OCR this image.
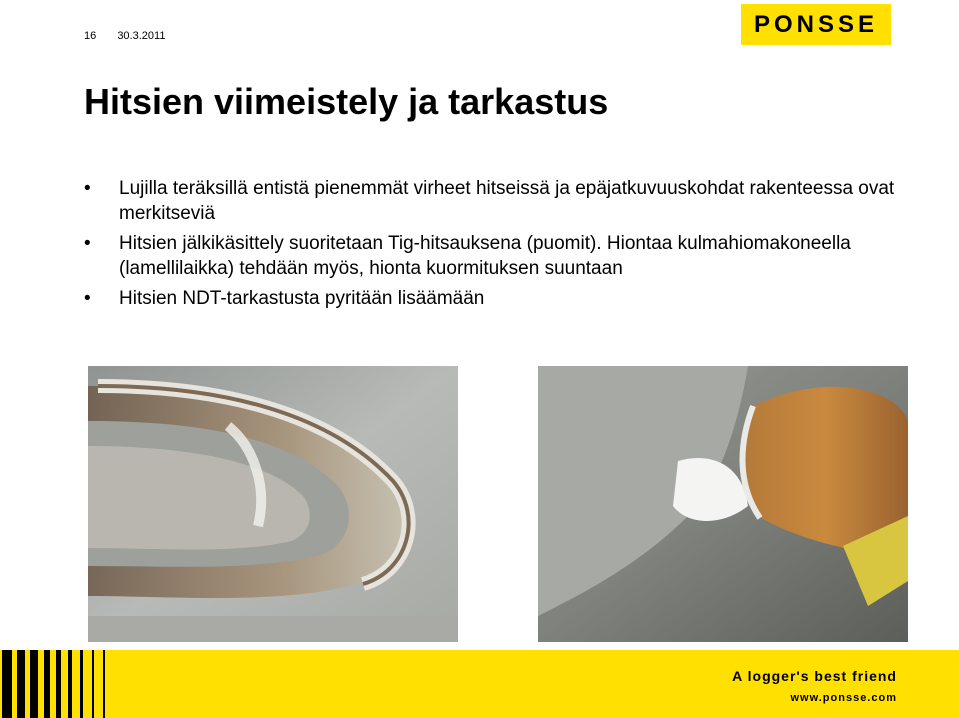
16 30.3.2011	PONSSE
Hitsien viimeistely ja tarkastus
• Lujilla teräksillä entistä pienemmät virheet hitseissä ja epäjatkuvuuskohdat rakenteessa ovat merkitseviä
• Hitsien jälkikäsittely suoritetaan Tig-hitsauksena (puomit). Hiontaa kulmahiomakoneella (lamellilaikka) tehdään myös, hionta kuormituksen suuntaan
• Hitsien NDT-tarkastusta pyritään lisäämään
A logger's best friend
www.ponsse.com
